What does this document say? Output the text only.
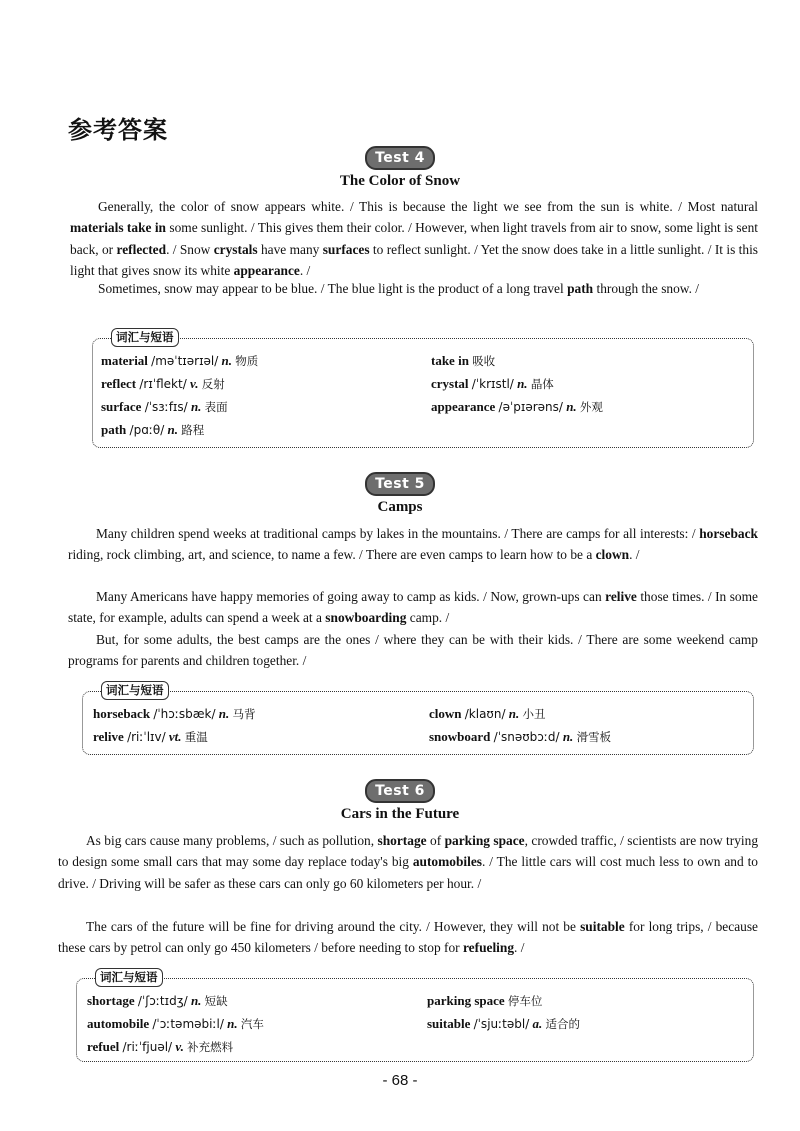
参考答案
Test 4
The Color of Snow

Generally, the color of snow appears white. / This is because the light we see from the sun is white. / Most natural materials take in some sunlight. / This gives them their color. / However, when light travels from air to snow, some light is sent back, or reflected. / Snow crystals have many surfaces to reflect sunlight. / Yet the snow does take in a little sunlight. / It is this light that gives snow its white appearance. /

Sometimes, snow may appear to be blue. / The blue light is the product of a long travel path through the snow. /

词汇与短语
material /məˈtɪərɪəl/ n. 物质	take in 吸收
reflect /rɪˈflekt/ v. 反射	crystal /ˈkrɪstl/ n. 晶体
surface /ˈsɜːfɪs/ n. 表面	appearance /əˈpɪərəns/ n. 外观
path /pɑːθ/ n. 路程
Test 5
Camps

Many children spend weeks at traditional camps by lakes in the mountains. / There are camps for all interests: / horseback riding, rock climbing, art, and science, to name a few. / There are even camps to learn how to be a clown. /

Many Americans have happy memories of going away to camp as kids. / Now, grown-ups can relive those times. / In some state, for example, adults can spend a week at a snowboarding camp. /

But, for some adults, the best camps are the ones / where they can be with their kids. / There are some weekend camp programs for parents and children together. /

词汇与短语
horseback /ˈhɔːsbæk/ n. 马背	clown /klaʊn/ n. 小丑
relive /riːˈlɪv/ vt. 重温	snowboard /ˈsnəʊbɔːd/ n. 滑雪板
Test 6
Cars in the Future

As big cars cause many problems, / such as pollution, shortage of parking space, crowded traffic, / scientists are now trying to design some small cars that may some day replace today's big automobiles. / The little cars will cost much less to own and to drive. / Driving will be safer as these cars can only go 60 kilometers per hour. /

The cars of the future will be fine for driving around the city. / However, they will not be suitable for long trips, / because these cars by petrol can only go 450 kilometers / before needing to stop for refueling. /

词汇与短语
shortage /ˈʃɔːtɪdʒ/ n. 短缺	parking space 停车位
automobile /ˈɔːtəməbiːl/ n. 汽车	suitable /ˈsjuːtəbl/ a. 适合的
refuel /riːˈfjuəl/ v. 补充燃料
- 68 -
